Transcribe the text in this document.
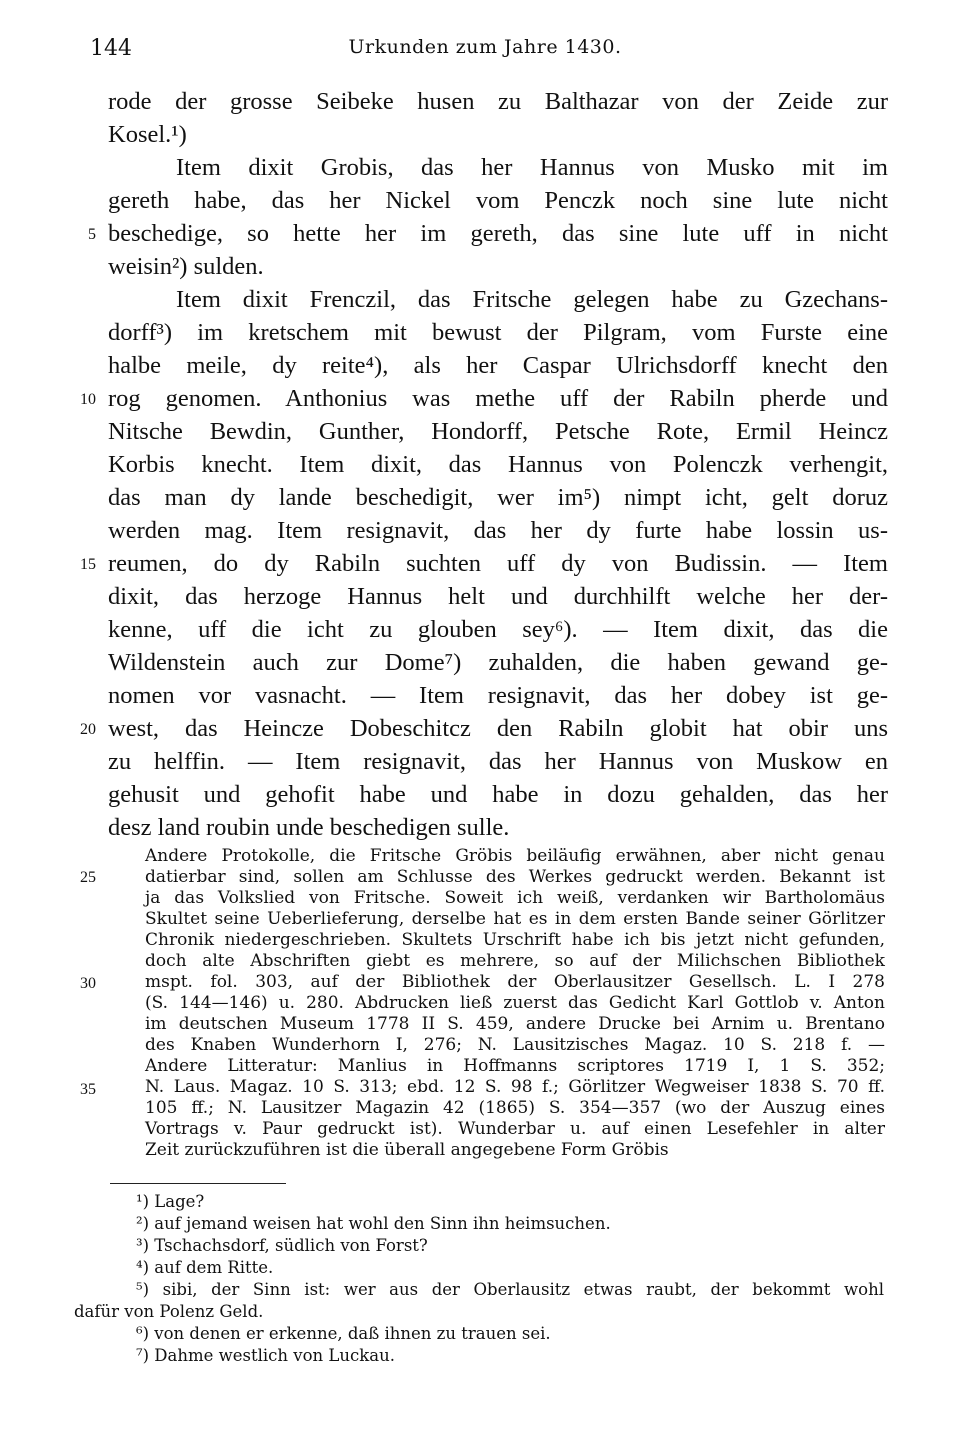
144	Urkunden zum Jahre 1430.
rode der grosse Seibeke husen zu Balthazar von der Zeide zur
Kosel.¹)
Item dixit Grobis, das her Hannus von Musko mit im
gereth habe, das her Nickel vom Penczk noch sine lute nicht
beschedige, so hette her im gereth, das sine lute uff in nicht
weisin²) sulden.
Item dixit Frenczil, das Fritsche gelegen habe zu Gzechans-
dorff³) im kretschem mit bewust der Pilgram, vom Furste eine
halbe meile, dy reite⁴), als her Caspar Ulrichsdorff knecht den
rog genomen. Anthonius was methe uff der Rabiln pherde und
Nitsche Bewdin, Gunther, Hondorff, Petsche Rote, Ermil Heincz
Korbis knecht. Item dixit, das Hannus von Polenczk verhengit,
das man dy lande beschedigit, wer im⁵) nimpt icht, gelt doruz
werden mag. Item resignavit, das her dy furte habe lossin us-
reumen, do dy Rabiln suchten uff dy von Budissin. — Item
dixit, das herzoge Hannus helt und durchhilft welche her der-
kenne, uff die icht zu glouben sey⁶). — Item dixit, das die
Wildenstein auch zur Dome⁷) zuhalden, die haben gewand ge-
nomen vor vasnacht. — Item resignavit, das her dobey ist ge-
west, das Heincze Dobeschitcz den Rabiln globit hat obir uns
zu helffin. — Item resignavit, das her Hannus von Muskow en
gehusit und gehofit habe und habe in dozu gehalden, das her
desz land roubin unde beschedigen sulle.
Andere Protokolle, die Fritsche Gröbis beiläufig erwähnen, aber nicht genau
datierbar sind, sollen am Schlusse des Werkes gedruckt werden. Bekannt ist
ja das Volkslied von Fritsche. Soweit ich weiß, verdanken wir Bartholomäus
Skultet seine Ueberlieferung, derselbe hat es in dem ersten Bande seiner Görlitzer
Chronik niedergeschrieben. Skultets Urschrift habe ich bis jetzt nicht gefunden,
doch alte Abschriften giebt es mehrere, so auf der Milichschen Bibliothek
mspt. fol. 303, auf der Bibliothek der Oberlausitzer Gesellsch. L. I 278
(S. 144—146) u. 280. Abdrucken ließ zuerst das Gedicht Karl Gottlob v. Anton
im deutschen Museum 1778 II S. 459, andere Drucke bei Arnim u. Brentano
des Knaben Wunderhorn I, 276; N. Lausitzisches Magaz. 10 S. 218 f. —
Andere Litteratur: Manlius in Hoffmanns scriptores 1719 I, 1 S. 352;
N. Laus. Magaz. 10 S. 313; ebd. 12 S. 98 f.; Görlitzer Wegweiser 1838 S. 70 ff.
105 ff.; N. Lausitzer Magazin 42 (1865) S. 354—357 (wo der Auszug eines
Vortrags v. Paur gedruckt ist). Wunderbar u. auf einen Lesefehler in alter
Zeit zurückzuführen ist die überall angegebene Form Gröbis
5
10
15
20
25
30
35
¹) Lage?
²) auf jemand weisen hat wohl den Sinn ihn heimsuchen.
³) Tschachsdorf, südlich von Forst?
⁴) auf dem Ritte.
⁵) sibi, der Sinn ist: wer aus der Oberlausitz etwas raubt, der bekommt wohl
dafür von Polenz Geld.
⁶) von denen er erkenne, daß ihnen zu trauen sei.
⁷) Dahme westlich von Luckau.
